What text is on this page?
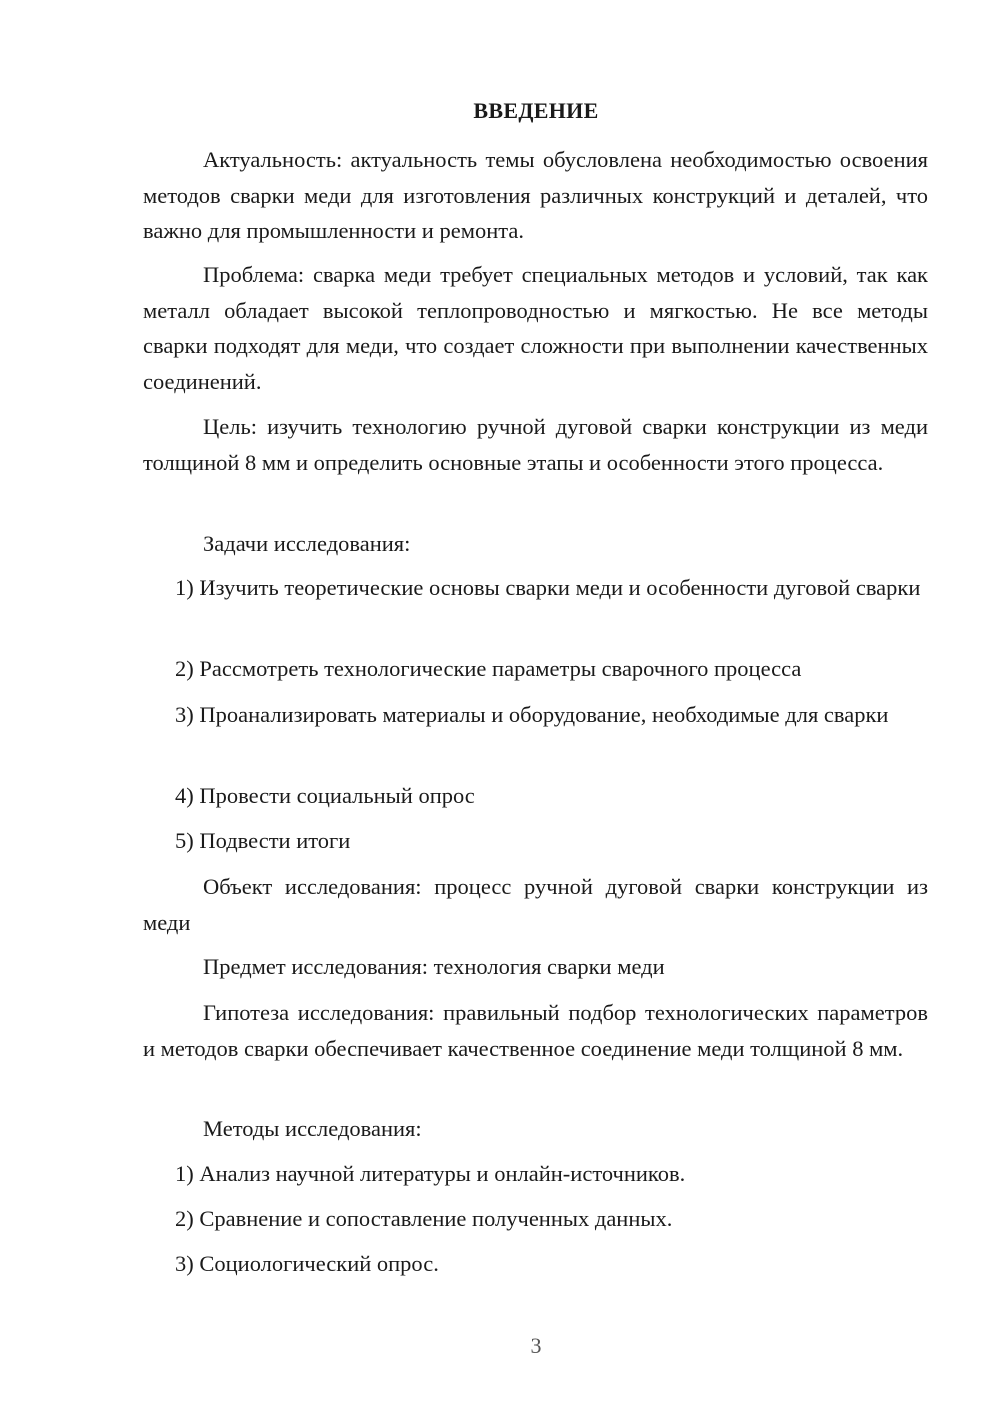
ВВЕДЕНИЕ

Актуальность: актуальность темы обусловлена необходимостью освоения методов сварки меди для изготовления различных конструкций и деталей, что важно для промышленности и ремонта.

Проблема: сварка меди требует специальных методов и условий, так как металл обладает высокой теплопроводностью и мягкостью. Не все методы сварки подходят для меди, что создает сложности при выполнении качественных соединений.

Цель: изучить технологию ручной дуговой сварки конструкции из меди толщиной 8 мм и определить основные этапы и особенности этого процесса.

Задачи исследования:

1) Изучить теоретические основы сварки меди и особенности дуговой сварки

2) Рассмотреть технологические параметры сварочного процесса

3) Проанализировать материалы и оборудование, необходимые для сварки

4) Провести социальный опрос

5) Подвести итоги

Объект исследования: процесс ручной дуговой сварки конструкции из меди

Предмет исследования: технология сварки меди

Гипотеза исследования: правильный подбор технологических параметров и методов сварки обеспечивает качественное соединение меди толщиной 8 мм.

Методы исследования:

1) Анализ научной литературы и онлайн-источников.

2) Сравнение и сопоставление полученных данных.

3) Социологический опрос.

3
